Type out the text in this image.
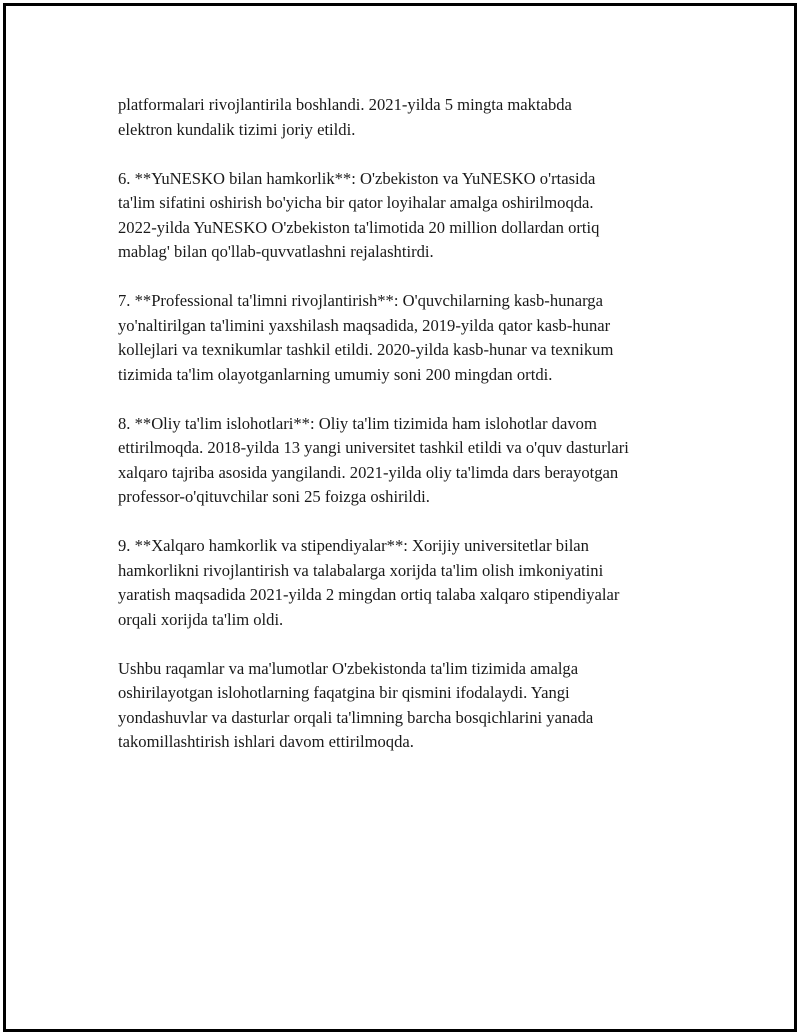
platformalari rivojlantirila boshlandi. 2021-yilda 5 mingta maktabda
elektron kundalik tizimi joriy etildi.

6. **YuNESKO bilan hamkorlik**: O'zbekiston va YuNESKO o'rtasida
ta'lim sifatini oshirish bo'yicha bir qator loyihalar amalga oshirilmoqda.
2022-yilda YuNESKO O'zbekiston ta'limotida 20 million dollardan ortiq
mablag' bilan qo'llab-quvvatlashni rejalashtirdi.

7. **Professional ta'limni rivojlantirish**: O'quvchilarning kasb-hunarga
yo'naltirilgan ta'limini yaxshilash maqsadida, 2019-yilda qator kasb-hunar
kollejlari va texnikumlar tashkil etildi. 2020-yilda kasb-hunar va texnikum
tizimida ta'lim olayotganlarning umumiy soni 200 mingdan ortdi.

8. **Oliy ta'lim islohotlari**: Oliy ta'lim tizimida ham islohotlar davom
ettirilmoqda. 2018-yilda 13 yangi universitet tashkil etildi va o'quv dasturlari
xalqaro tajriba asosida yangilandi. 2021-yilda oliy ta'limda dars berayotgan
professor-o'qituvchilar soni 25 foizga oshirildi.

9. **Xalqaro hamkorlik va stipendiyalar**: Xorijiy universitetlar bilan
hamkorlikni rivojlantirish va talabalarga xorijda ta'lim olish imkoniyatini
yaratish maqsadida 2021-yilda 2 mingdan ortiq talaba xalqaro stipendiyalar
orqali xorijda ta'lim oldi.

Ushbu raqamlar va ma'lumotlar O'zbekistonda ta'lim tizimida amalga
oshirilayotgan islohotlarning faqatgina bir qismini ifodalaydi. Yangi
yondashuvlar va dasturlar orqali ta'limning barcha bosqichlarini yanada
takomillashtirish ishlari davom ettirilmoqda.
